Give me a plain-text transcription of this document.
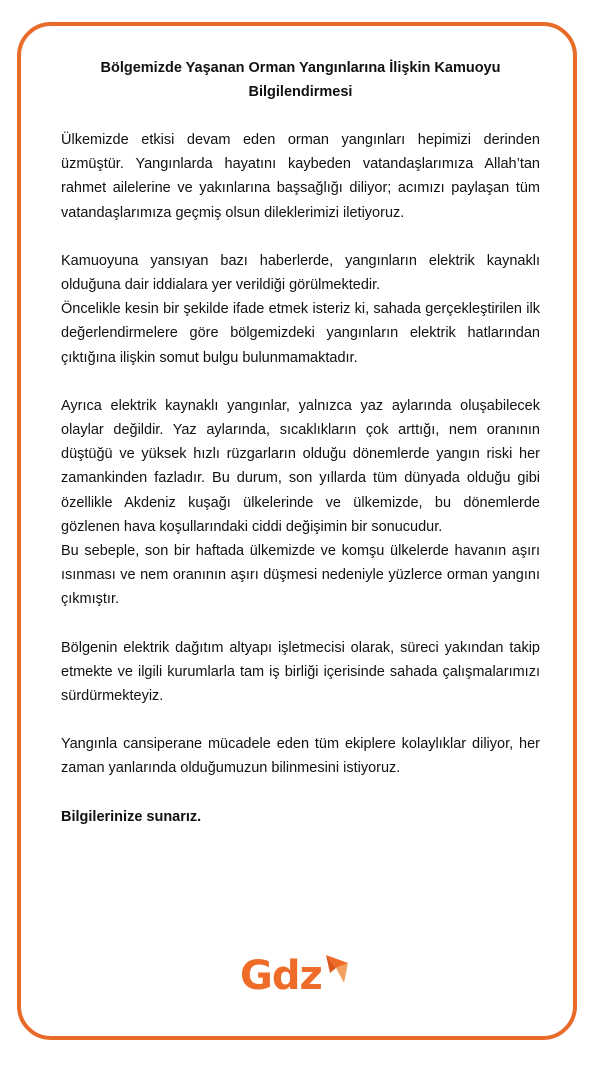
Bölgemizde Yaşanan Orman Yangınlarına İlişkin Kamuoyu
Bilgilendirmesi

Ülkemizde etkisi devam eden orman yangınları hepimizi derinden üzmüştür. Yangınlarda hayatını kaybeden vatandaşlarımıza Allah’tan rahmet ailelerine ve yakınlarına başsağlığı diliyor; acımızı paylaşan tüm vatandaşlarımıza geçmiş olsun dileklerimizi iletiyoruz.

Kamuoyuna yansıyan bazı haberlerde, yangınların elektrik kaynaklı olduğuna dair iddialara yer verildiği görülmektedir.

Öncelikle kesin bir şekilde ifade etmek isteriz ki, sahada gerçekleştirilen ilk değerlendirmelere göre bölgemizdeki yangınların elektrik hatlarından çıktığına ilişkin somut bulgu bulunmamaktadır.

Ayrıca elektrik kaynaklı yangınlar, yalnızca yaz aylarında oluşabilecek olaylar değildir. Yaz aylarında, sıcaklıkların çok arttığı, nem oranının düştüğü ve yüksek hızlı rüzgarların olduğu dönemlerde yangın riski her zamankinden fazladır. Bu durum, son yıllarda tüm dünyada olduğu gibi özellikle Akdeniz kuşağı ülkelerinde ve ülkemizde, bu dönemlerde gözlenen hava koşullarındaki ciddi değişimin bir sonucudur.

Bu sebeple, son bir haftada ülkemizde ve komşu ülkelerde havanın aşırı ısınması ve nem oranının aşırı düşmesi nedeniyle yüzlerce orman yangını çıkmıştır.

Bölgenin elektrik dağıtım altyapı işletmecisi olarak, süreci yakından takip etmekte ve ilgili kurumlarla tam iş birliği içerisinde sahada çalışmalarımızı sürdürmekteyiz.

Yangınla cansiperane mücadele eden tüm ekiplere kolaylıklar diliyor, her zaman yanlarında olduğumuzun bilinmesini istiyoruz.

Bilgilerinize sunarız.

Gdz
